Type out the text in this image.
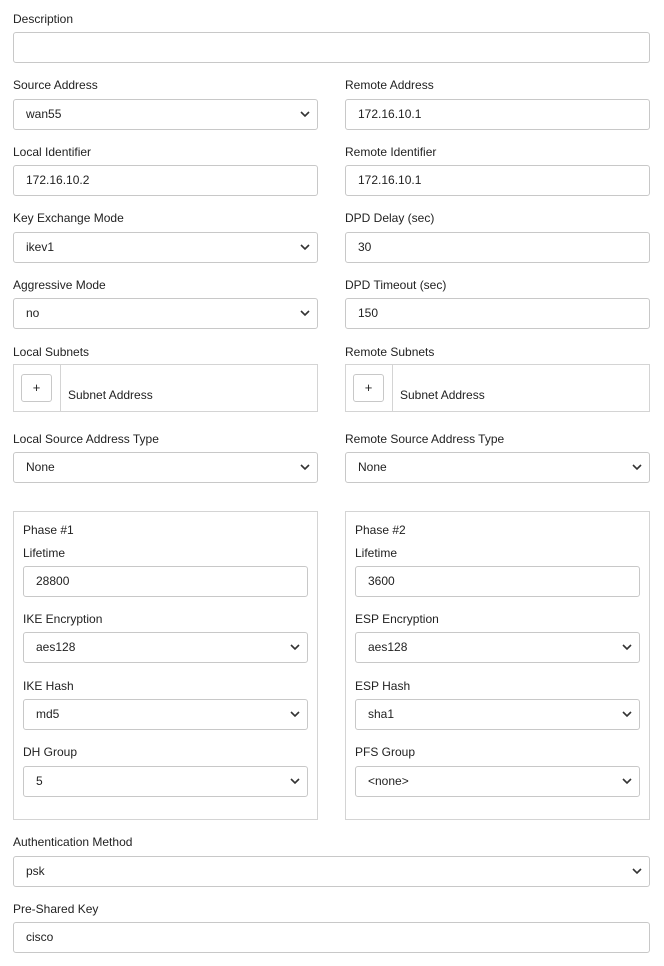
Description
Source Address
wan55
Remote Address
172.16.10.1
Local Identifier
172.16.10.2
Remote Identifier
172.16.10.1
Key Exchange Mode
ikev1
DPD Delay (sec)
30
Aggressive Mode
no
DPD Timeout (sec)
150
Local Subnets
+	Subnet Address
Remote Subnets
+	Subnet Address
Local Source Address Type
None
Remote Source Address Type
None
Phase #1
Lifetime
28800
IKE Encryption
aes128
IKE Hash
md5
DH Group
5
Phase #2
Lifetime
3600
ESP Encryption
aes128
ESP Hash
sha1
PFS Group
<none>
Authentication Method
psk
Pre-Shared Key
cisco
